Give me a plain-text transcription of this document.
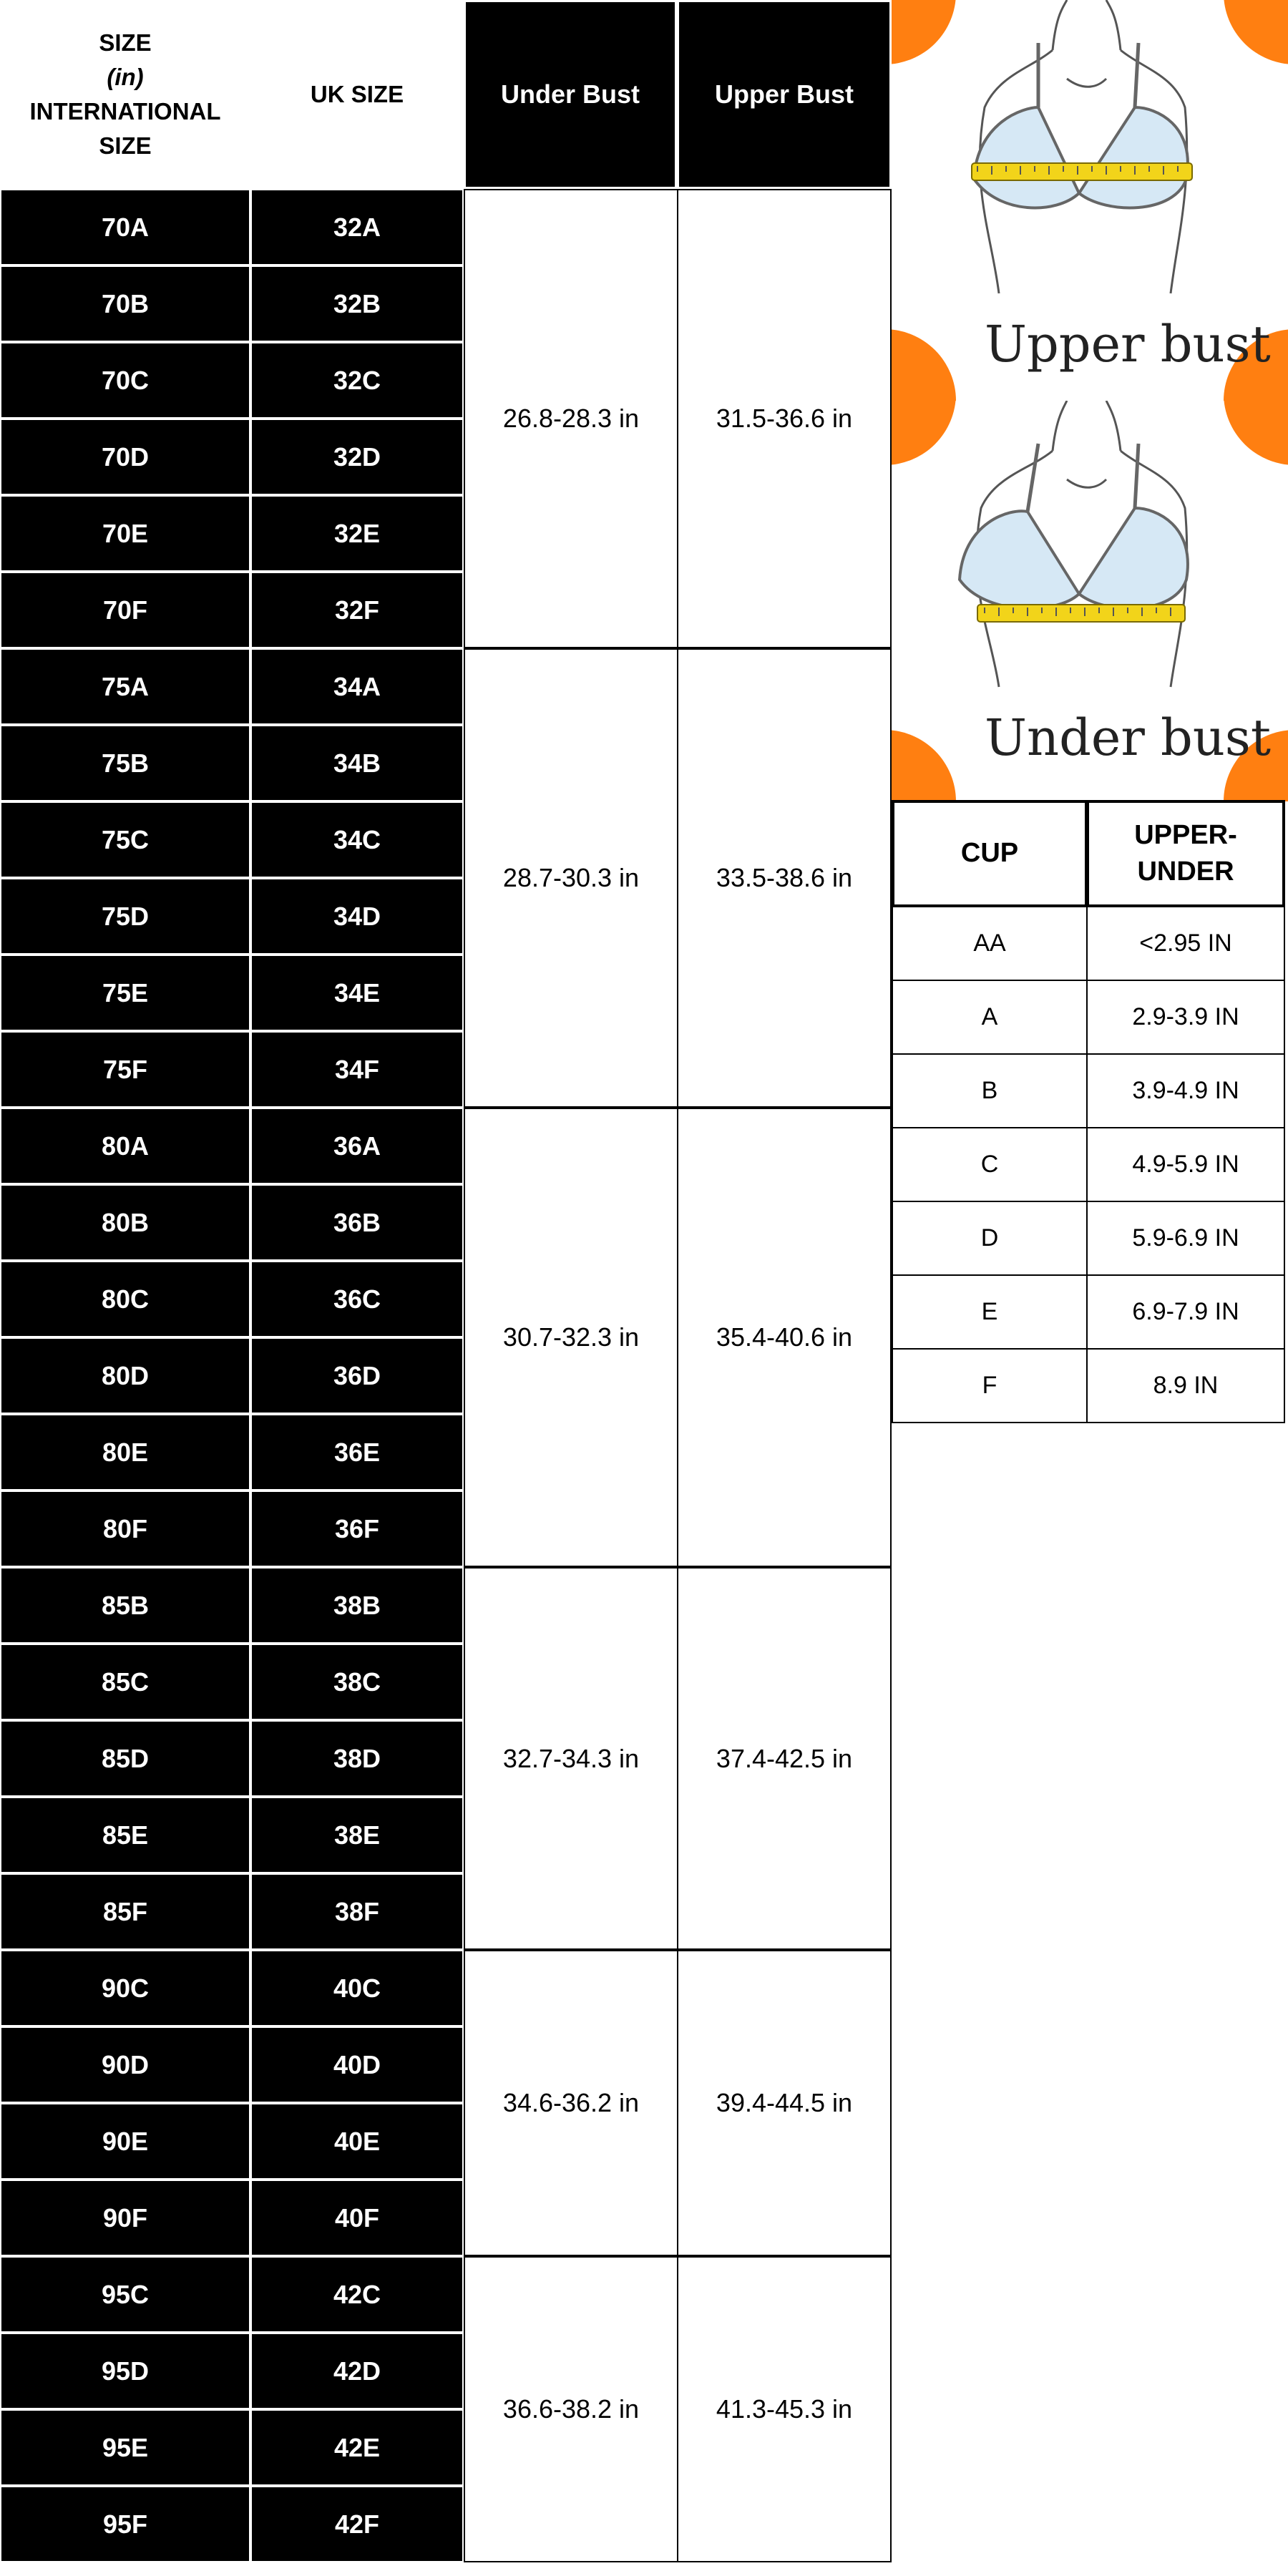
SIZE
(in)
INTERNATIONAL
SIZE
UK SIZE	Under Bust	Upper Bust
70A	32A
70B	32B
70C	32C
70D	32D
70E	32E
70F	32F
26.8-28.3 in	31.5-36.6 in
75A	34A
75B	34B
75C	34C
75D	34D
75E	34E
75F	34F
28.7-30.3 in	33.5-38.6 in
80A	36A
80B	36B
80C	36C
80D	36D
80E	36E
80F	36F
30.7-32.3 in	35.4-40.6 in
85B	38B
85C	38C
85D	38D
85E	38E
85F	38F
32.7-34.3 in	37.4-42.5 in
90C	40C
90D	40D
90E	40E
90F	40F
34.6-36.2 in	39.4-44.5 in
95C	42C
95D	42D
95E	42E
95F	42F
36.6-38.2 in	41.3-45.3 in
Upper bust
Under bust
CUP
UPPER-
UNDER
AA	<2.95 IN
A	2.9-3.9 IN
B	3.9-4.9 IN
C	4.9-5.9 IN
D	5.9-6.9 IN
E	6.9-7.9 IN
F	8.9 IN
